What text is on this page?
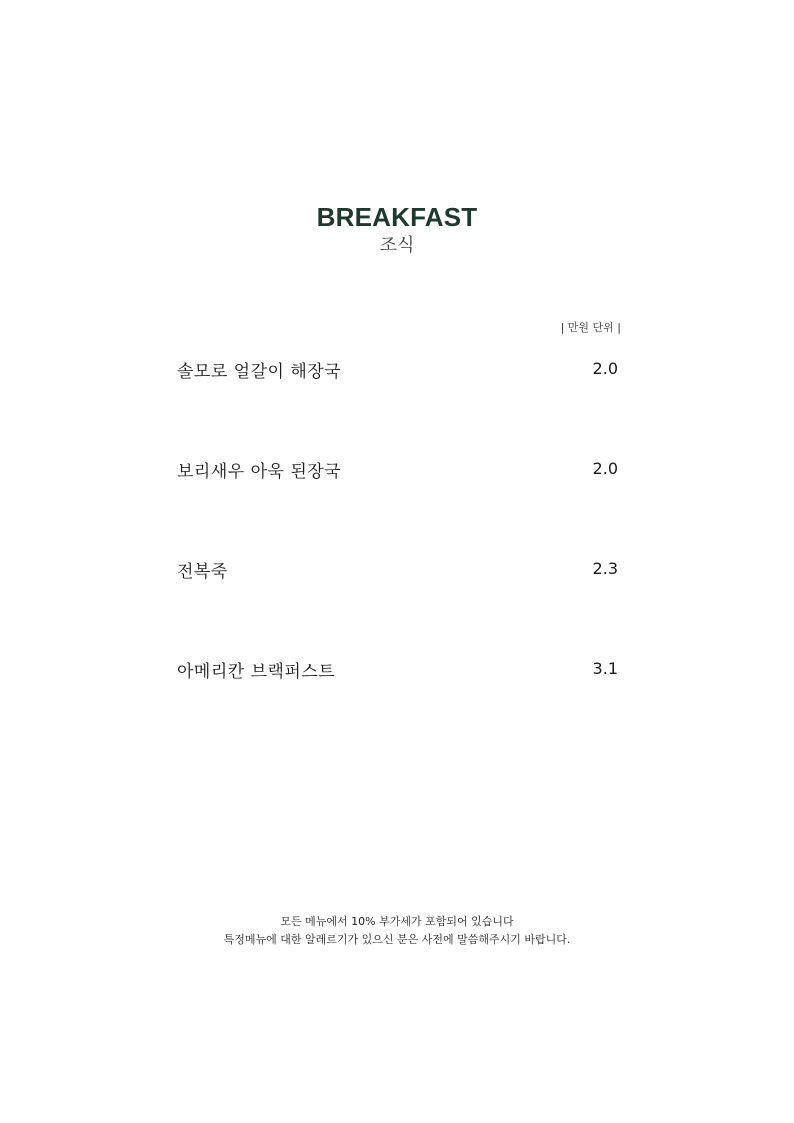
BREAKFAST
조식
| 만원 단위 |
솔모로 얼갈이 해장국	2.0
보리새우 아욱 된장국	2.0
전복죽	2.3
아메리칸 브랙퍼스트	3.1
모든 메뉴에서 10% 부가세가 포함되어 있습니다
특정메뉴에 대한 알레르기가 있으신 분은 사전에 말씀해주시기 바랍니다.
